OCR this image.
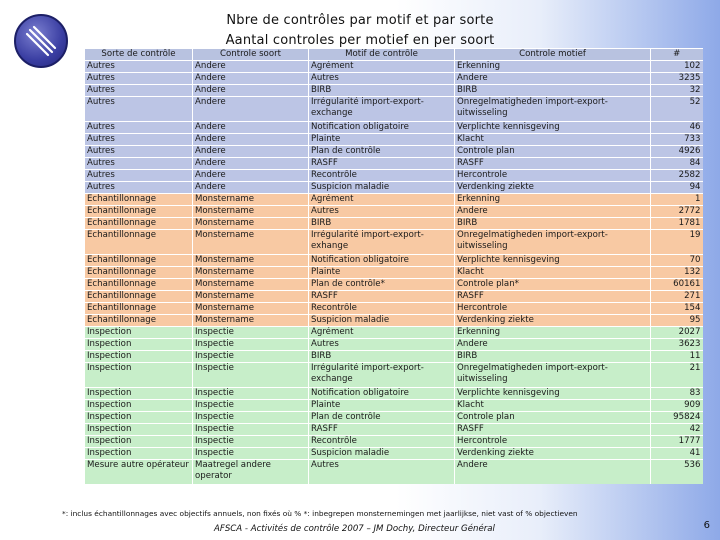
Nbre de contrôles par motif et par sorte
Aantal controles per motief en per soort
Sorte de contrôle	Controle soort	Motif de contrôle	Controle motief	#
Autres	Andere	Agrément	Erkenning	102
Autres	Andere	Autres	Andere	3235
Autres	Andere	BIRB	BIRB	32
Autres	Andere	Irrégularité import-export-exchange	Onregelmatigheden import-export-uitwisseling	52
Autres	Andere	Notification obligatoire	Verplichte kennisgeving	46
Autres	Andere	Plainte	Klacht	733
Autres	Andere	Plan de contrôle	Controle plan	4926
Autres	Andere	RASFF	RASFF	84
Autres	Andere	Recontrôle	Hercontrole	2582
Autres	Andere	Suspicion maladie	Verdenking ziekte	94
Echantillonnage	Monstername	Agrément	Erkenning	1
Echantillonnage	Monstername	Autres	Andere	2772
Echantillonnage	Monstername	BIRB	BIRB	1781
Echantillonnage	Monstername	Irrégularité import-export-exhange	Onregelmatigheden import-export-uitwisseling	19
Echantillonnage	Monstername	Notification obligatoire	Verplichte kennisgeving	70
Echantillonnage	Monstername	Plainte	Klacht	132
Echantillonnage	Monstername	Plan de contrôle*	Controle plan*	60161
Echantillonnage	Monstername	RASFF	RASFF	271
Echantillonnage	Monstername	Recontrôle	Hercontrole	154
Echantillonnage	Monstername	Suspicion maladie	Verdenking ziekte	95
Inspection	Inspectie	Agrément	Erkenning	2027
Inspection	Inspectie	Autres	Andere	3623
Inspection	Inspectie	BIRB	BIRB	11
Inspection	Inspectie	Irrégularité import-export-exchange	Onregelmatigheden import-export-uitwisseling	21
Inspection	Inspectie	Notification obligatoire	Verplichte kennisgeving	83
Inspection	Inspectie	Plainte	Klacht	909
Inspection	Inspectie	Plan de contrôle	Controle plan	95824
Inspection	Inspectie	RASFF	RASFF	42
Inspection	Inspectie	Recontrôle	Hercontrole	1777
Inspection	Inspectie	Suspicion maladie	Verdenking ziekte	41
Mesure autre opérateur	Maatregel andere operator	Autres	Andere	536
*: inclus échantillonnages avec objectifs annuels, non fixés où % *: inbegrepen monsternemingen met jaarlijkse, niet vast of % objectieven
AFSCA - Activités de contrôle 2007 – JM Dochy, Directeur Général	6
